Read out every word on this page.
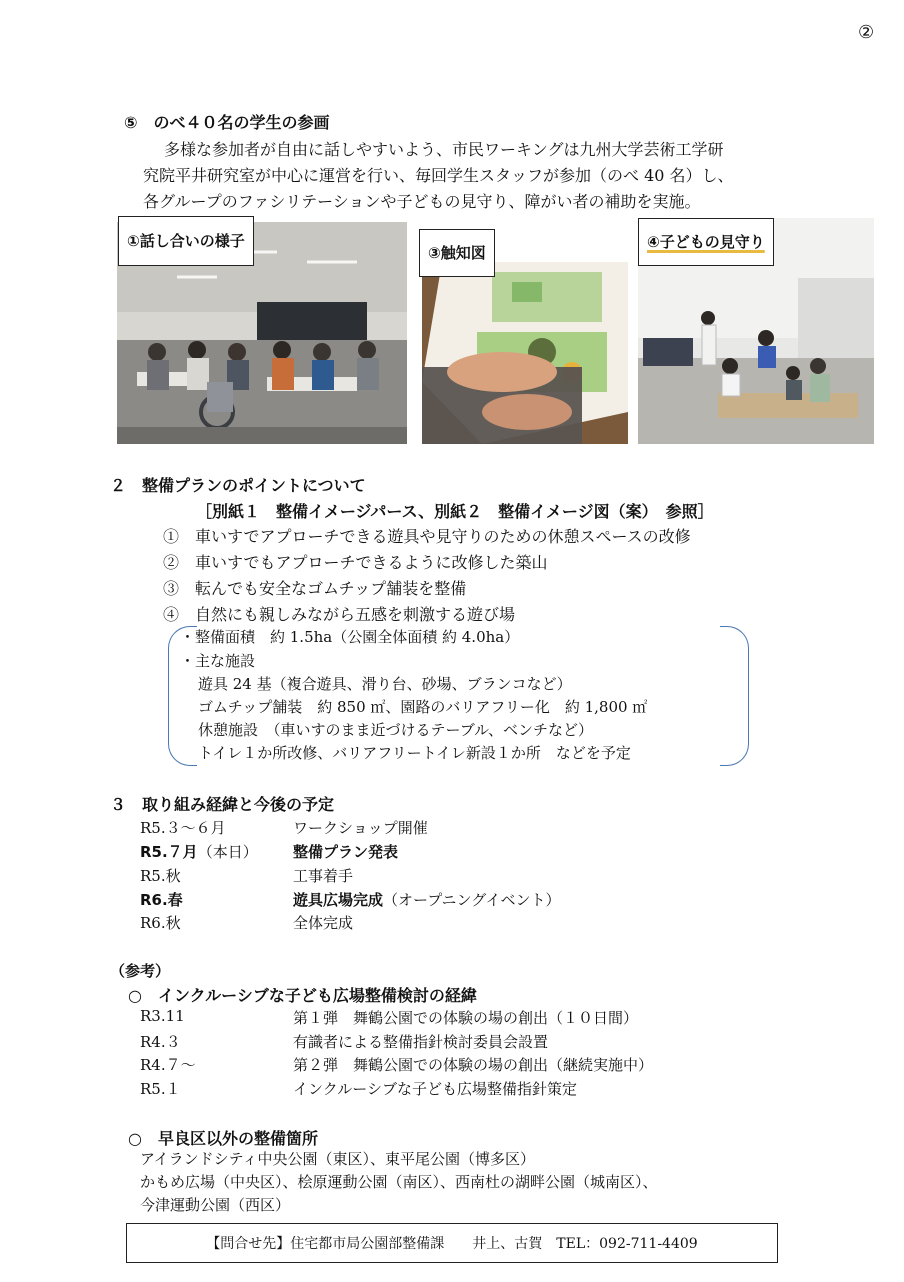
②
⑤　のべ４０名の学生の参画
多様な参加者が自由に話しやすいよう、市民ワーキングは九州大学芸術工学研
究院平井研究室が中心に運営を行い、毎回学生スタッフが参加（のべ 40 名）し、
各グループのファシリテーションや子どもの見守り、障がい者の補助を実施。
①話し合いの様子
③触知図
④子どもの見守り
２　整備プランのポイントについて
［別紙１　整備イメージパース、別紙２　整備イメージ図（案）　参照］
①　車いすでアプローチできる遊具や見守りのための休憩スペースの改修
②　車いすでもアプローチできるように改修した築山
③　転んでも安全なゴムチップ舗装を整備
④　自然にも親しみながら五感を刺激する遊び場
・整備面積　約 1.5ha（公園全体面積 約 4.0ha）
・主な施設
遊具 24 基（複合遊具、滑り台、砂場、ブランコなど）
ゴムチップ舗装　約 850 ㎡、園路のバリアフリー化　約 1,800 ㎡
休憩施設　（車いすのまま近づけるテーブル、ベンチなど）
トイレ１か所改修、バリアフリートイレ新設１か所　などを予定
３　取り組み経緯と今後の予定
R5.３〜６月	ワークショップ開催
R5.７月（本日） 整備プラン発表
R5.秋	工事着手
R6.春	遊具広場完成（オープニングイベント）
R6.秋	全体完成
（参考）
○　インクルーシブな子ども広場整備検討の経緯
R3.11	第１弾　舞鶴公園での体験の場の創出（１０日間）
R4.３	有識者による整備指針検討委員会設置
R4.７〜	第２弾　舞鶴公園での体験の場の創出（継続実施中）
R5.１	インクルーシブな子ども広場整備指針策定
○　早良区以外の整備箇所
アイランドシティ中央公園（東区）、東平尾公園（博多区）
かもめ広場（中央区）、桧原運動公園（南区）、西南杜の湖畔公園（城南区）、
今津運動公園（西区）
【問合せ先】住宅都市局公園部整備課　　井上、古賀　TEL：092-711-4409
